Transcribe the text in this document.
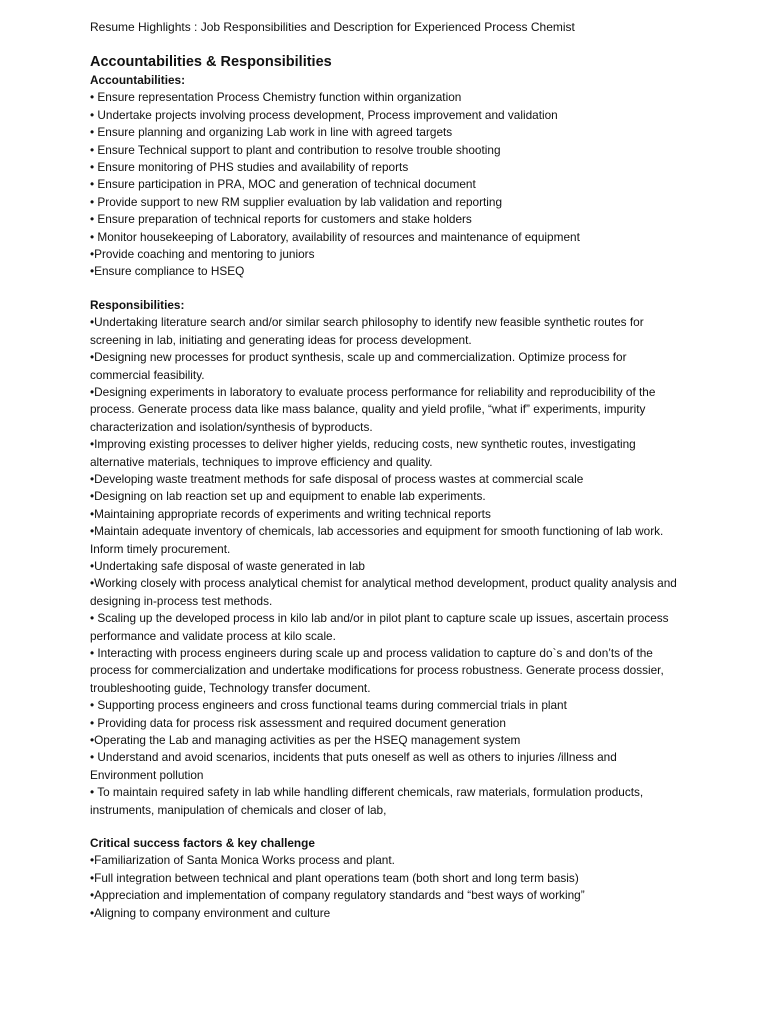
Resume Highlights : Job Responsibilities and Description for Experienced Process Chemist
Accountabilities & Responsibilities
Accountabilities:
• Ensure representation Process Chemistry function within organization
• Undertake projects involving process development, Process improvement and validation
• Ensure planning and organizing Lab work in line with agreed targets
• Ensure Technical support to plant and contribution to resolve trouble shooting
• Ensure monitoring of PHS studies and availability of reports
• Ensure participation in PRA, MOC and generation of technical document
• Provide support to new RM supplier evaluation by lab validation and reporting
• Ensure preparation of technical reports for customers and stake holders
• Monitor housekeeping of Laboratory, availability of resources and maintenance of equipment
•Provide coaching and mentoring to juniors
•Ensure compliance to HSEQ
Responsibilities:
•Undertaking literature search and/or similar search philosophy to identify new feasible synthetic routes for screening in lab, initiating and generating ideas for process development.
•Designing new processes for product synthesis, scale up and commercialization. Optimize process for commercial feasibility.
•Designing experiments in laboratory to evaluate process performance for reliability and reproducibility of the process. Generate process data like mass balance, quality and yield profile, “what if” experiments, impurity characterization and isolation/synthesis of byproducts.
•Improving existing processes to deliver higher yields, reducing costs, new synthetic routes, investigating alternative materials, techniques to improve efficiency and quality.
•Developing waste treatment methods for safe disposal of process wastes at commercial scale
•Designing on lab reaction set up and equipment to enable lab experiments.
•Maintaining appropriate records of experiments and writing technical reports
•Maintain adequate inventory of chemicals, lab accessories and equipment for smooth functioning of lab work. Inform timely procurement.
•Undertaking safe disposal of waste generated in lab
•Working closely with process analytical chemist for analytical method development, product quality analysis and designing in-process test methods.
• Scaling up the developed process in kilo lab and/or in pilot plant to capture scale up issues, ascertain process performance and validate process at kilo scale.
• Interacting with process engineers during scale up and process validation to capture do`s and don’ts of the process for commercialization and undertake modifications for process robustness. Generate process dossier, troubleshooting guide, Technology transfer document.
• Supporting process engineers and cross functional teams during commercial trials in plant
• Providing data for process risk assessment and required document generation
•Operating the Lab and managing activities as per the HSEQ management system
• Understand and avoid scenarios, incidents that puts oneself as well as others to injuries /illness and Environment pollution
• To maintain required safety in lab while handling different chemicals, raw materials, formulation products, instruments, manipulation of chemicals and closer of lab,
Critical success factors & key challenge
•Familiarization of Santa Monica Works process and plant.
•Full integration between technical and plant operations team (both short and long term basis)
•Appreciation and implementation of company regulatory standards and “best ways of working”
•Aligning to company environment and culture
